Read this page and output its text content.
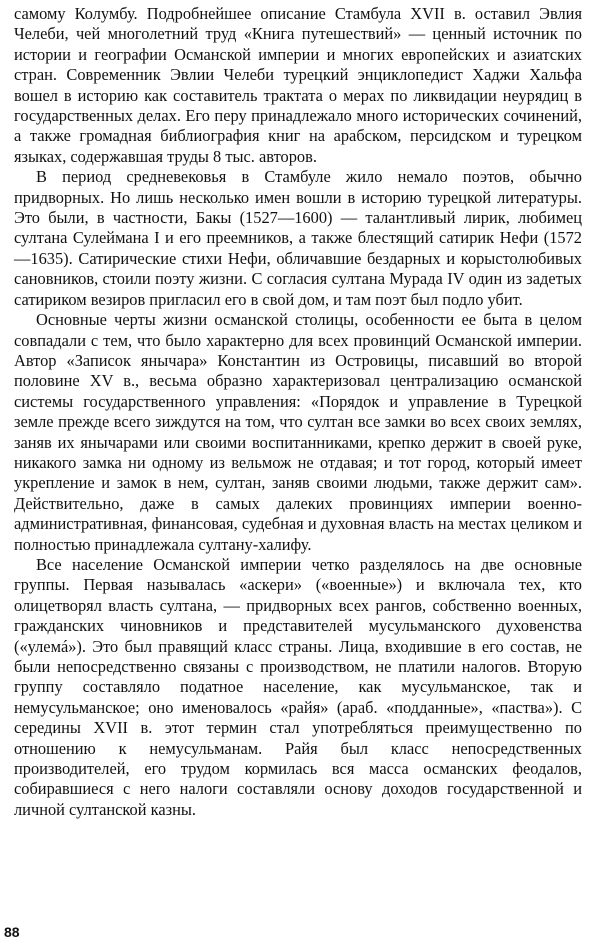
самому Колумбу. Подробнейшее описание Стамбула XVII в. оставил Эвлия Челеби, чей многолетний труд «Книга путешествий» — ценный источник по истории и географии Османской империи и многих европейских и азиатских стран. Современник Эвлии Челеби турецкий энциклопедист Хаджи Хальфа вошел в историю как составитель трактата о мерах по ликвидации неурядиц в государственных делах. Его перу принадлежало много исторических сочинений, а также громадная библиография книг на арабском, персидском и турецком языках, содержавшая труды 8 тыс. авторов.

В период средневековья в Стамбуле жило немало поэтов, обычно придворных. Но лишь несколько имен вошли в историю турецкой литературы. Это были, в частности, Бакы (1527—1600) — талантливый лирик, любимец султана Сулеймана I и его преемников, а также блестящий сатирик Нефи (1572—1635). Сатирические стихи Нефи, обличавшие бездарных и корыстолюбивых сановников, стоили поэту жизни. С согласия султана Мурада IV один из задетых сатириком везиров пригласил его в свой дом, и там поэт был подло убит.

Основные черты жизни османской столицы, особенности ее быта в целом совпадали с тем, что было характерно для всех провинций Османской империи. Автор «Записок янычара» Константин из Островицы, писавший во второй половине XV в., весьма образно характеризовал централизацию османской системы государственного управления: «Порядок и управление в Турецкой земле прежде всего зиждутся на том, что султан все замки во всех своих землях, заняв их янычарами или своими воспитанниками, крепко держит в своей руке, никакого замка ни одному из вельмож не отдавая; и тот город, который имеет укрепление и замок в нем, султан, заняв своими людьми, также держит сам». Действительно, даже в самых далеких провинциях империи военно-административная, финансовая, судебная и духовная власть на местах целиком и полностью принадлежала султану-халифу.

Все население Османской империи четко разделялось на две основные группы. Первая называлась «аскери» («военные») и включала тех, кто олицетворял власть султана, — придворных всех рангов, собственно военных, гражданских чиновников и представителей мусульманского духовенства («улемá»). Это был правящий класс страны. Лица, входившие в его состав, не были непосредственно связаны с производством, не платили налогов. Вторую группу составляло податное население, как мусульманское, так и немусульманское; оно именовалось «райя» (араб. «подданные», «паства»). С середины XVII в. этот термин стал употребляться преимущественно по отношению к немусульманам. Райя был класс непосредственных производителей, его трудом кормилась вся масса османских феодалов, собиравшиеся с него налоги составляли основу доходов государственной и личной султанской казны.

88
